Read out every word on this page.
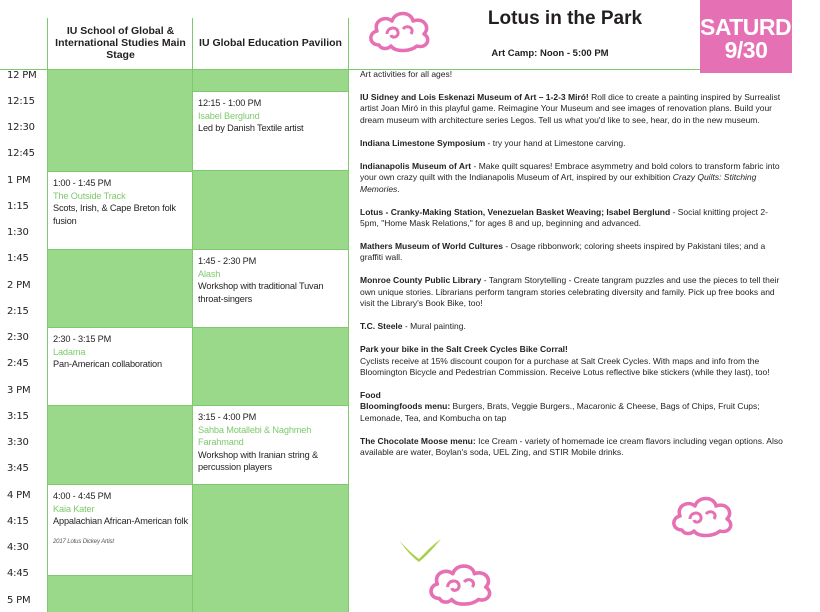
IU School of Global & International Studies Main Stage
IU Global Education Pavilion
Lotus in the Park
Art Camp: Noon - 5:00 PM
SATURDAY
9/30
12 PM
12:15
12:30
12:45
1 PM
1:15
1:30
1:45
2 PM
2:15
2:30
2:45
3 PM
3:15
3:30
3:45
4 PM
4:15
4:30
4:45
5 PM
1:00 - 1:45 PM
The Outside Track
Scots, Irish, & Cape Breton folk fusion
2:30 - 3:15 PM
Ladama
Pan-American collaboration
4:00 - 4:45 PM
Kaia Kater
Appalachian African-American folk
2017 Lotus Dickey Artist
12:15 - 1:00 PM
Isabel Berglund
Led by Danish Textile artist
1:45 - 2:30 PM
Alash
Workshop with traditional Tuvan throat-singers
3:15 - 4:00 PM
Sahba Motallebi & Naghmeh Farahmand
Workshop with Iranian string & percussion players

Art activities for all ages!

IU Sidney and Lois Eskenazi Museum of Art – 1-2-3 Miró! Roll dice to create a painting inspired by Surrealist artist Joan Miró in this playful game. Reimagine Your Museum and see images of renovation plans. Build your dream museum with architecture series Legos. Tell us what you'd like to see, hear, do in the new museum.

Indiana Limestone Symposium - try your hand at Limestone carving.

Indianapolis Museum of Art - Make quilt squares! Embrace asymmetry and bold colors to transform fabric into your own crazy quilt with the Indianapolis Museum of Art, inspired by our exhibition Crazy Quilts: Stitching Memories.

Lotus - Cranky-Making Station, Venezuelan Basket Weaving; Isabel Berglund - Social knitting project 2-5pm, "Home Mask Relations," for ages 8 and up, beginning and advanced.

Mathers Museum of World Cultures - Osage ribbonwork; coloring sheets inspired by Pakistani tiles; and a graffiti wall.

Monroe County Public Library - Tangram Storytelling - Create tangram puzzles and use the pieces to tell their own unique stories. Librarians perform tangram stories celebrating diversity and family. Pick up free books and visit the Library's Book Bike, too!

T.C. Steele - Mural painting.

Park your bike in the Salt Creek Cycles Bike Corral!
Cyclists receive at 15% discount coupon for a purchase at Salt Creek Cycles. With maps and info from the Bloomington Bicycle and Pedestrian Commission. Receive Lotus reflective bike stickers (while they last), too!

Food
Bloomingfoods menu: Burgers, Brats, Veggie Burgers., Macaronic & Cheese, Bags of Chips, Fruit Cups; Lemonade, Tea, and Kombucha on tap

The Chocolate Moose menu: Ice Cream - variety of homemade ice cream flavors including vegan options. Also available are water, Boylan's soda, UEL Zing, and STIR Mobile drinks.
